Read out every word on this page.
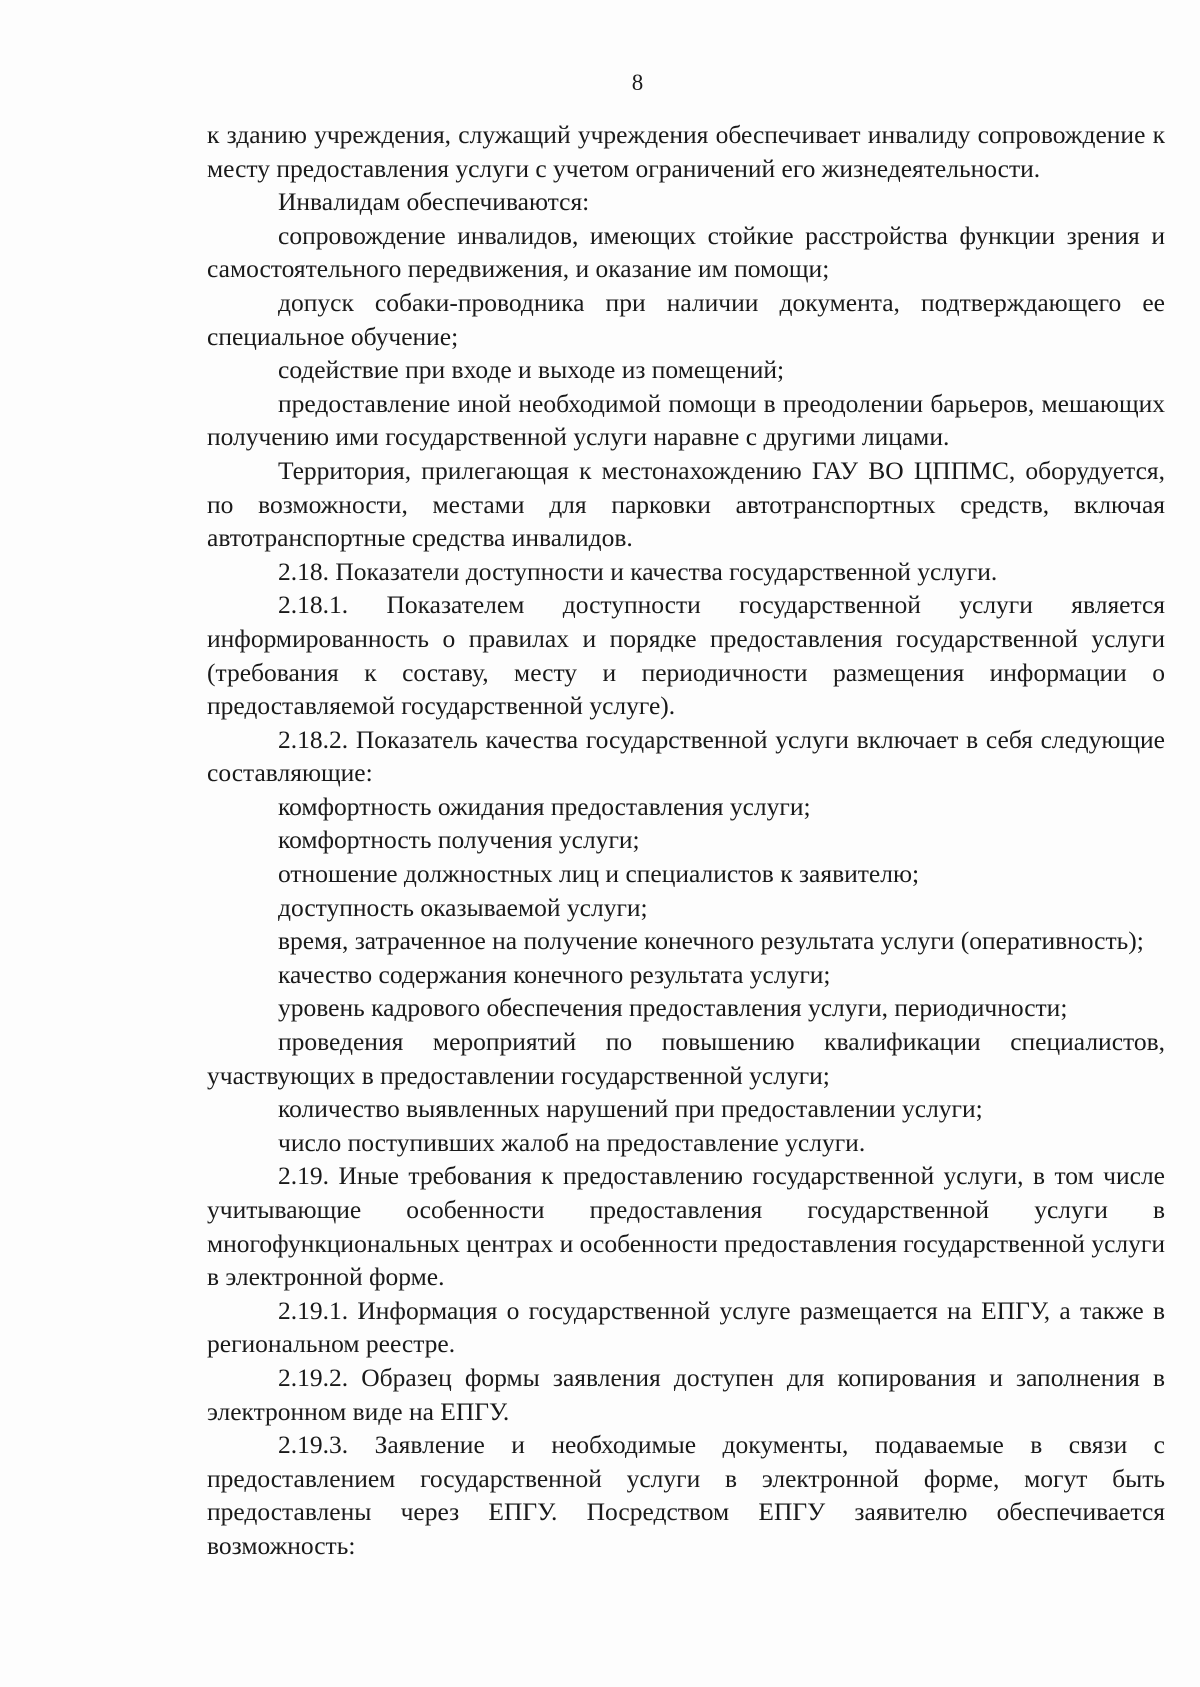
8

к зданию учреждения, служащий учреждения обеспечивает инвалиду сопровождение к месту предоставления услуги с учетом ограничений его жизнедеятельности.

Инвалидам обеспечиваются:

сопровождение инвалидов, имеющих стойкие расстройства функции зрения и самостоятельного передвижения, и оказание им помощи;

допуск собаки-проводника при наличии документа, подтверждающего ее специальное обучение;

содействие при входе и выходе из помещений;

предоставление иной необходимой помощи в преодолении барьеров, мешающих получению ими государственной услуги наравне с другими лицами.

Территория, прилегающая к местонахождению ГАУ ВО ЦППМС, оборудуется, по возможности, местами для парковки автотранспортных средств, включая автотранспортные средства инвалидов.

2.18. Показатели доступности и качества государственной услуги.

2.18.1. Показателем доступности государственной услуги является информированность о правилах и порядке предоставления государственной услуги (требования к составу, месту и периодичности размещения информации о предоставляемой государственной услуге).

2.18.2. Показатель качества государственной услуги включает в себя следующие составляющие:

комфортность ожидания предоставления услуги;

комфортность получения услуги;

отношение должностных лиц и специалистов к заявителю;

доступность оказываемой услуги;

время, затраченное на получение конечного результата услуги (оперативность);

качество содержания конечного результата услуги;

уровень кадрового обеспечения предоставления услуги, периодичности;

проведения мероприятий по повышению квалификации специалистов, участвующих в предоставлении государственной услуги;

количество выявленных нарушений при предоставлении услуги;

число поступивших жалоб на предоставление услуги.

2.19. Иные требования к предоставлению государственной услуги, в том числе учитывающие особенности предоставления государственной услуги в многофункциональных центрах и особенности предоставления государственной услуги в электронной форме.

2.19.1. Информация о государственной услуге размещается на ЕПГУ, а также в региональном реестре.

2.19.2. Образец формы заявления доступен для копирования и заполнения в электронном виде на ЕПГУ.

2.19.3. Заявление и необходимые документы, подаваемые в связи с предоставлением государственной услуги в электронной форме, могут быть предоставлены через ЕПГУ. Посредством ЕПГУ заявителю обеспечивается возможность:
